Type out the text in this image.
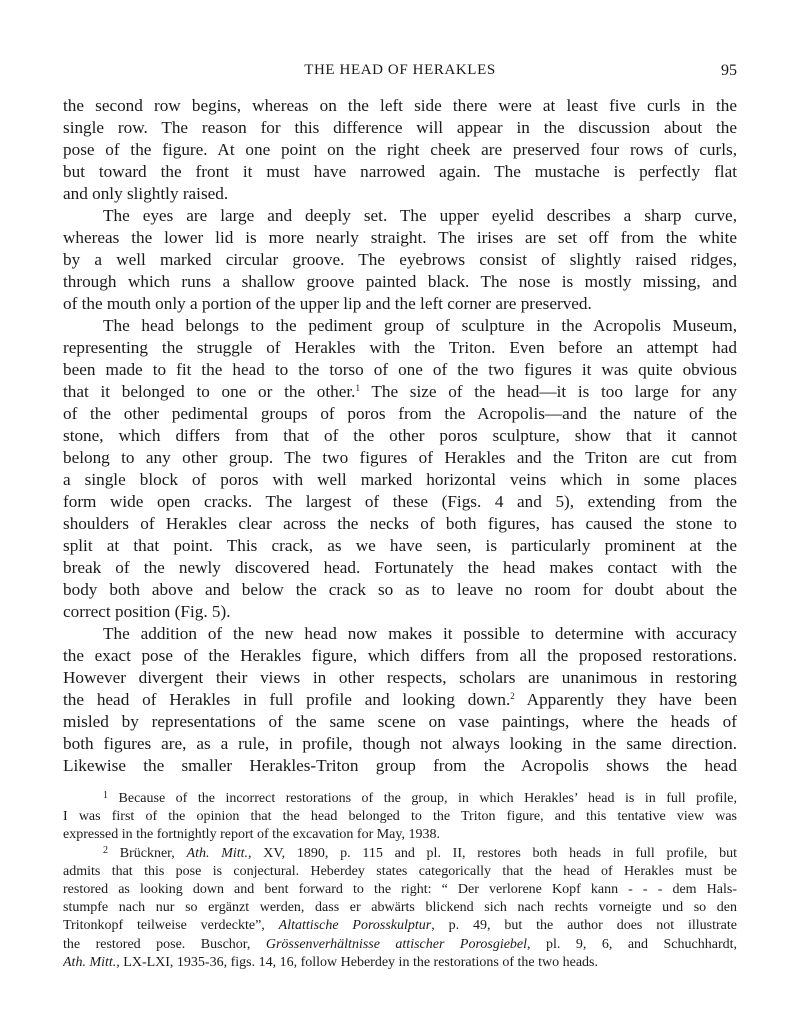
THE HEAD OF HERAKLES	95
the second row begins, whereas on the left side there were at least five curls in the
single row. The reason for this difference will appear in the discussion about the
pose of the figure. At one point on the right cheek are preserved four rows of curls,
but toward the front it must have narrowed again. The mustache is perfectly flat
and only slightly raised.
The eyes are large and deeply set. The upper eyelid describes a sharp curve,
whereas the lower lid is more nearly straight. The irises are set off from the white
by a well marked circular groove. The eyebrows consist of slightly raised ridges,
through which runs a shallow groove painted black. The nose is mostly missing, and
of the mouth only a portion of the upper lip and the left corner are preserved.
The head belongs to the pediment group of sculpture in the Acropolis Museum,
representing the struggle of Herakles with the Triton. Even before an attempt had
been made to fit the head to the torso of one of the two figures it was quite obvious
that it belonged to one or the other.$^1$ The size of the head—it is too large for any
of the other pedimental groups of poros from the Acropolis—and the nature of the
stone, which differs from that of the other poros sculpture, show that it cannot
belong to any other group. The two figures of Herakles and the Triton are cut from
a single block of poros with well marked horizontal veins which in some places
form wide open cracks. The largest of these (Figs. 4 and 5), extending from the
shoulders of Herakles clear across the necks of both figures, has caused the stone to
split at that point. This crack, as we have seen, is particularly prominent at the
break of the newly discovered head. Fortunately the head makes contact with the
body both above and below the crack so as to leave no room for doubt about the
correct position (Fig. 5).
The addition of the new head now makes it possible to determine with accuracy
the exact pose of the Herakles figure, which differs from all the proposed restorations.
However divergent their views in other respects, scholars are unanimous in restoring
the head of Herakles in full profile and looking down.$^2$ Apparently they have been
misled by representations of the same scene on vase paintings, where the heads of
both figures are, as a rule, in profile, though not always looking in the same direction.
Likewise the smaller Herakles-Triton group from the Acropolis shows the head
$^1$ Because of the incorrect restorations of the group, in which Herakles’ head is in full profile,
I was first of the opinion that the head belonged to the Triton figure, and this tentative view was
expressed in the fortnightly report of the excavation for May, 1938.
$^2$ Brückner, Ath. Mitt., XV, 1890, p. 115 and pl. II, restores both heads in full profile, but
admits that this pose is conjectural. Heberdey states categorically that the head of Herakles must be
restored as looking down and bent forward to the right: “ Der verlorene Kopf kann - - - dem Hals-
stumpfe nach nur so ergänzt werden, dass er abwärts blickend sich nach rechts vorneigte und so den
Tritonkopf teilweise verdeckte”, Altattische Porosskulptur, p. 49, but the author does not illustrate
the restored pose. Buschor, Grössenverhältnisse attischer Porosgiebel, pl. 9, 6, and Schuchhardt,
Ath. Mitt., LX-LXI, 1935-36, figs. 14, 16, follow Heberdey in the restorations of the two heads.
